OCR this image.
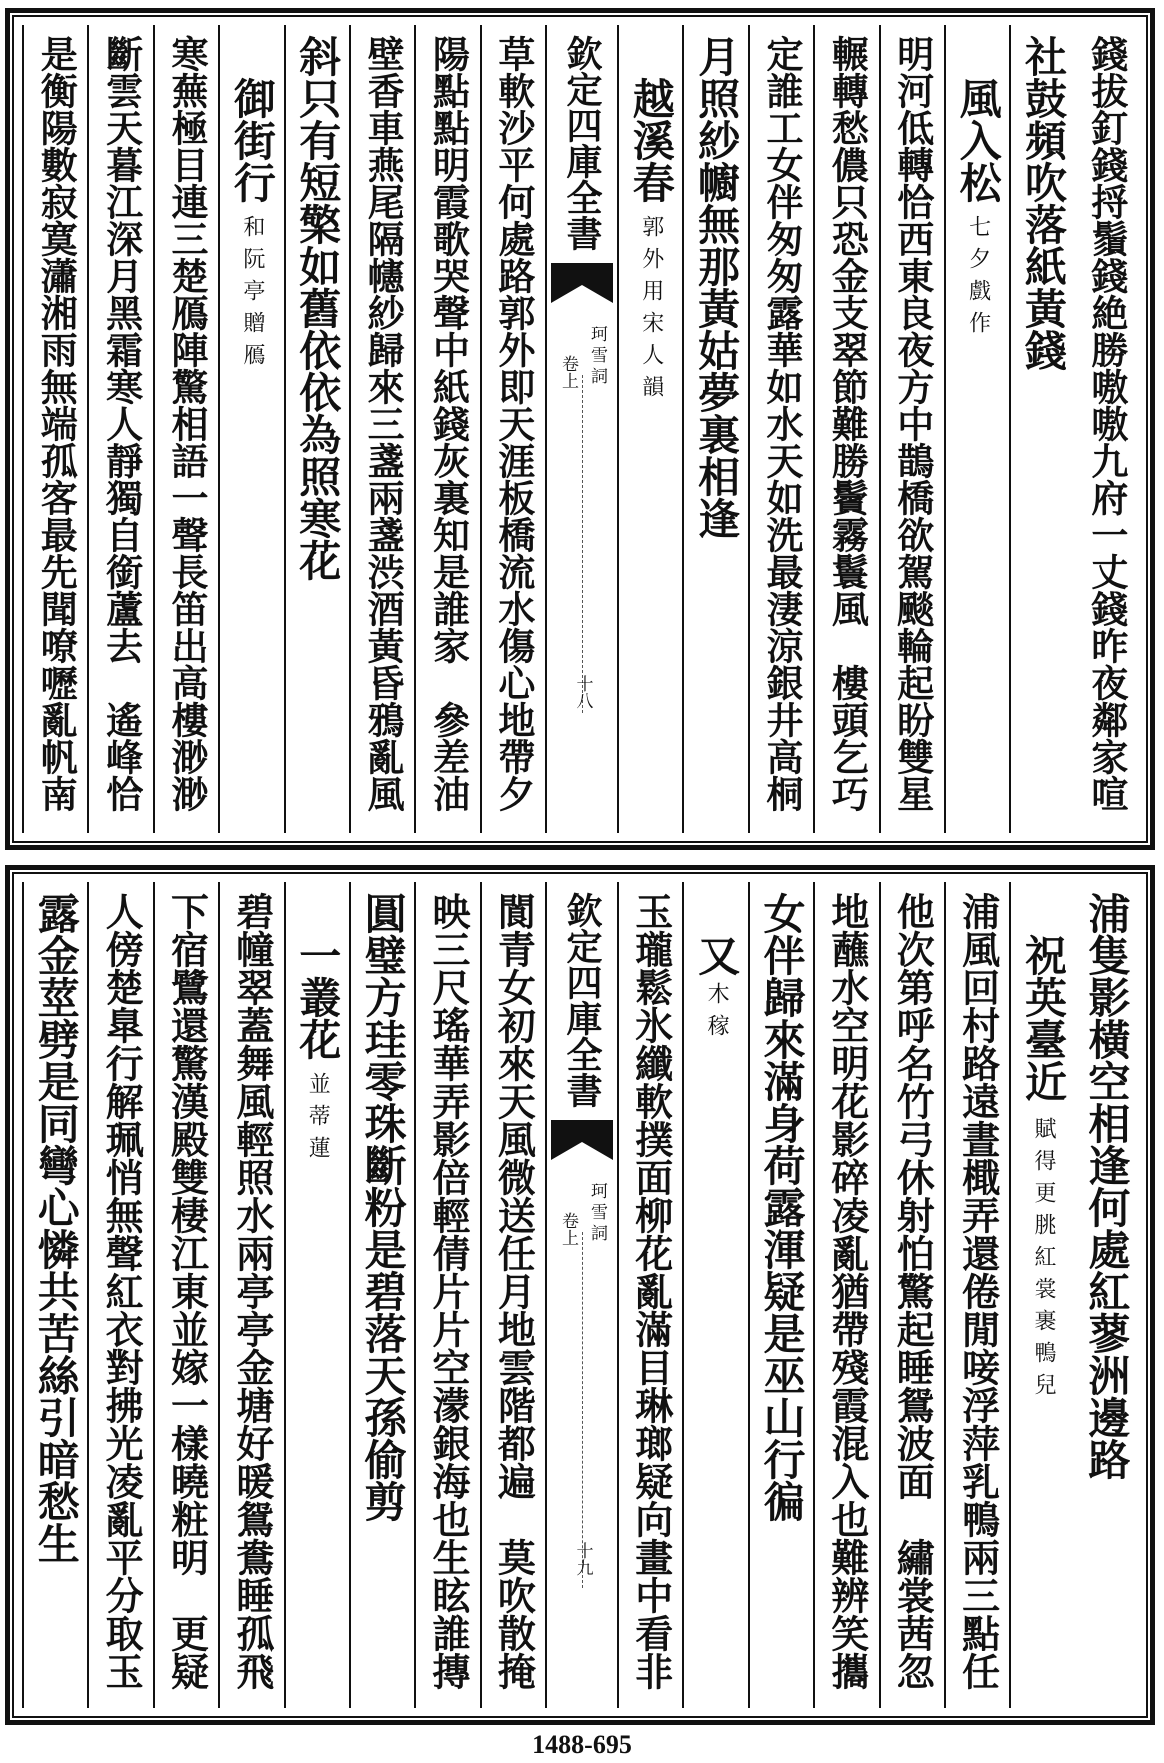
錢拔釘錢捋鬚錢絶勝嗷嗷九府一丈錢昨夜鄰家喧
社鼓頻吹落紙黃錢
風入松
七夕戲作
明河低轉恰西東良夜方中鵲橋欲駕颷輪起盼雙星
輾轉愁儂只恐金支翠節難勝鬢霧鬟風　樓頭乞巧
定誰工女伴匆匆露華如水天如洗最淒涼銀井高桐
月照紗幮無那黃姑夢裏相逢
越溪春
郭外用宋人韻
欽定四庫全書
珂雪詞
卷上
十八
草軟沙平何處路郭外即天涯板橋流水傷心地帶夕
陽點點明霞歌哭聲中紙錢灰裏知是誰家　參差油
壁香車燕尾隔幰紗歸來三盞兩盞渋酒黃昏鴉亂風
斜只有短檠如舊依依為照寒花
御街行
和阮亭贈鴈
寒蕪極目連三楚鴈陣驚相語一聲長笛出高樓渺渺
斷雲天暮江深月黑霜寒人靜獨自銜蘆去　遙峰恰
是衡陽數寂寞瀟湘雨無端孤客最先聞嘹嚦亂帆南
浦隻影橫空相逢何處紅蓼洲邊路
祝英臺近
賦得更朓紅裳裹鴨兒
浦風回村路遠晝檝弄還倦閒唼浮萍乳鴨兩三點任
他次第呼名竹弓休射怕驚起睡鴛波面　繡裳茜忽
地蘸水空明花影碎凌亂猶帶殘霞混入也難辨笑攜
女伴歸來滿身荷露渾疑是巫山行徧
又
木稼
玉瓏鬆氷纖軟撲面柳花亂滿目琳瑯疑向畫中看非
欽定四庫全書
珂雪詞
卷上
十九
閬青女初來天風微送任月地雲階都遍　莫吹散掩
映三尺瑤華弄影倍輕倩片片空濛銀海也生眩誰摶
圓璧方珪零珠斷粉是碧落天孫偷剪
一叢花
並蒂蓮
碧幢翠蓋舞風輕照水兩亭亭金塘好暖鴛鴦睡孤飛
下宿鷺還驚漢殿雙棲江東並嫁一樣曉粧明　更疑
人傍楚臯行解珮悄無聲紅衣對拂光凌亂平分取玉
露金莖劈是同彎心憐共苦絲引暗愁生
1488-695
